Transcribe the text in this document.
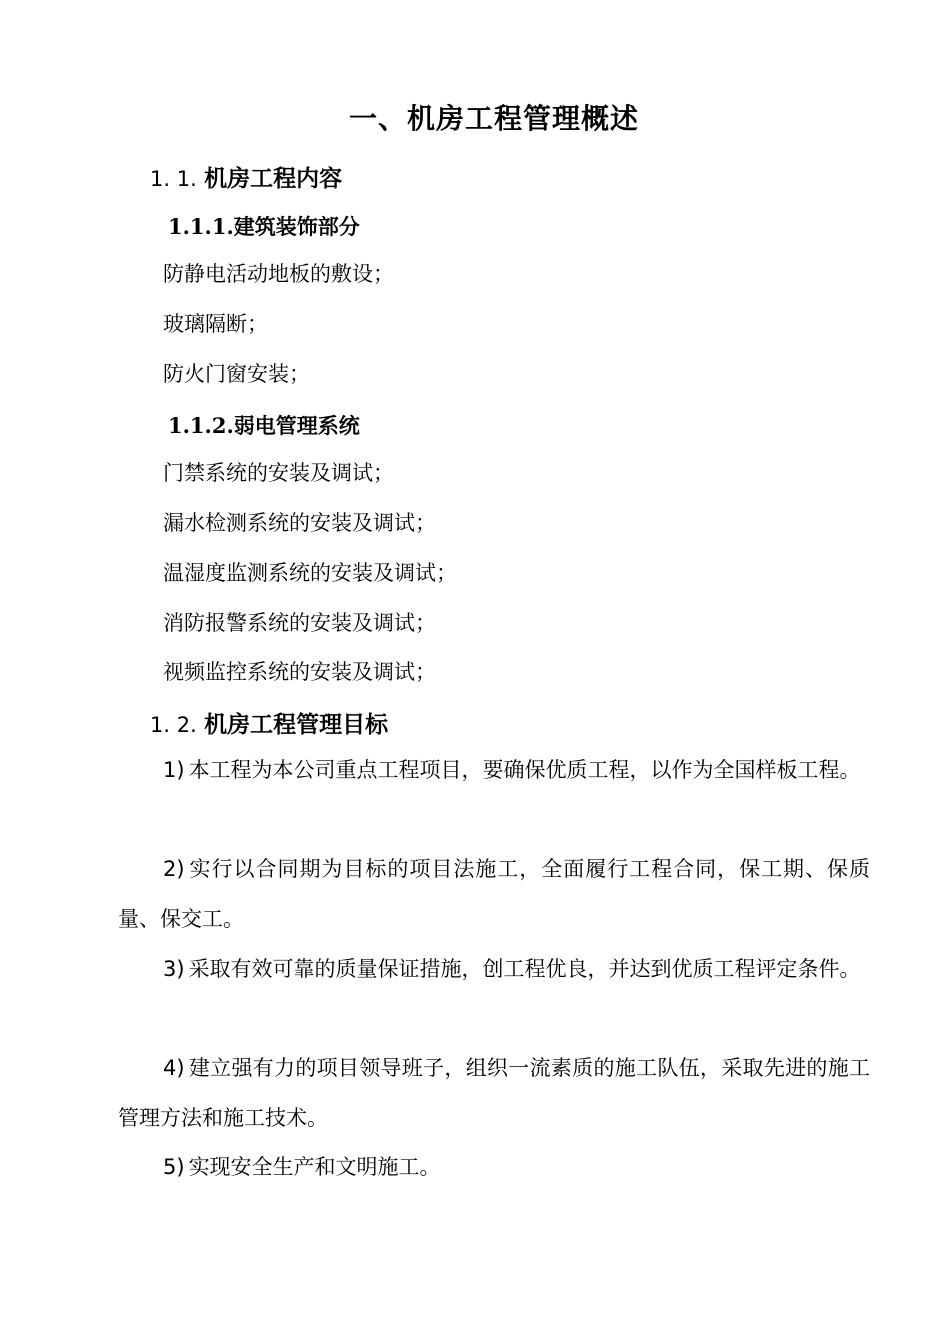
一、机房工程管理概述
1. 1. 机房工程内容
1.1.1.建筑装饰部分
防静电活动地板的敷设；
玻璃隔断；
防火门窗安装；
1.1.2.弱电管理系统
门禁系统的安装及调试；
漏水检测系统的安装及调试；
温湿度监测系统的安装及调试；
消防报警系统的安装及调试；
视频监控系统的安装及调试；
1. 2. 机房工程管理目标
1) 本工程为本公司重点工程项目，要确保优质工程，以作为全国样板工程。
2) 实行以合同期为目标的项目法施工，全面履行工程合同，保工期、保质量、保交工。
3) 采取有效可靠的质量保证措施，创工程优良，并达到优质工程评定条件。
4) 建立强有力的项目领导班子，组织一流素质的施工队伍，采取先进的施工管理方法和施工技术。
5) 实现安全生产和文明施工。
